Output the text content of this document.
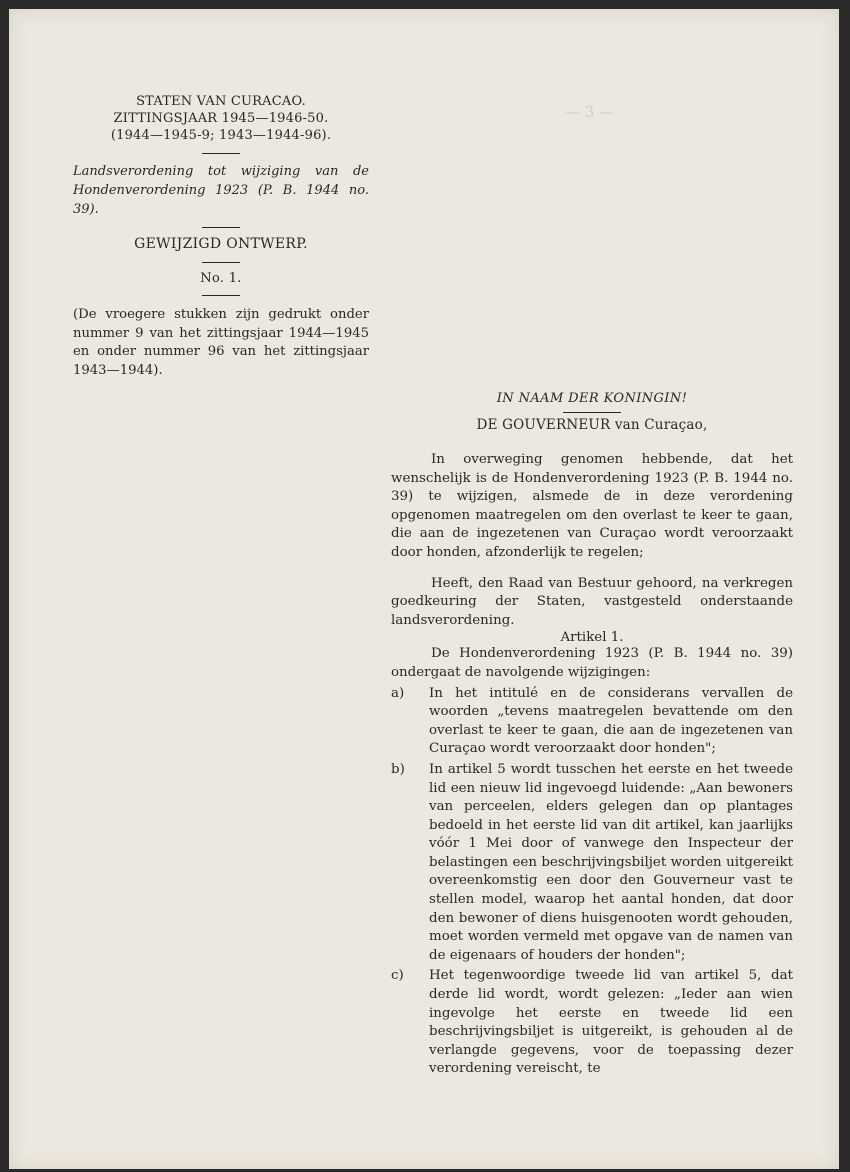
— 3 —
STATEN VAN CURACAO.
ZITTINGSJAAR 1945—1946-50.
(1944—1945-9; 1943—1944-96).
Landsverordening tot wijziging van de Hondenverordening 1923 (P. B. 1944 no. 39).
GEWIJZIGD ONTWERP.
No. 1.
(De vroegere stukken zijn gedrukt onder nummer 9 van het zittingsjaar 1944—1945 en onder nummer 96 van het zittingsjaar 1943—1944).

IN NAAM DER KONINGIN!

DE GOUVERNEUR van Curaçao,

In overweging genomen hebbende, dat het wenschelijk is de Hondenverordening 1923 (P. B. 1944 no. 39) te wijzigen, alsmede de in deze verordening opgenomen maatregelen om den overlast te keer te gaan, die aan de ingezetenen van Curaçao wordt veroorzaakt door honden, afzonderlijk te regelen;

Heeft, den Raad van Bestuur gehoord, na verkregen goedkeuring der Staten, vastgesteld onderstaande landsverordening.

Artikel 1.

De Hondenverordening 1923 (P. B. 1944 no. 39) ondergaat de navolgende wijzigingen:

a) In het intitulé en de considerans vervallen de woorden „tevens maatregelen bevattende om den overlast te keer te gaan, die aan de ingezetenen van Curaçao wordt veroorzaakt door honden";
b) In artikel 5 wordt tusschen het eerste en het tweede lid een nieuw lid ingevoegd luidende: „Aan bewoners van perceelen, elders gelegen dan op plantages bedoeld in het eerste lid van dit artikel, kan jaarlijks vóór 1 Mei door of vanwege den Inspecteur der belastingen een beschrijvingsbiljet worden uitgereikt overeenkomstig een door den Gouverneur vast te stellen model, waarop het aantal honden, dat door den bewoner of diens huisgenooten wordt gehouden, moet worden vermeld met opgave van de namen van de eigenaars of houders der honden";
c) Het tegenwoordige tweede lid van artikel 5, dat derde lid wordt, wordt gelezen: „Ieder aan wien ingevolge het eerste en tweede lid een beschrijvingsbiljet is uitgereikt, is gehouden al de verlangde gegevens, voor de toepassing dezer verordening vereischt, te
